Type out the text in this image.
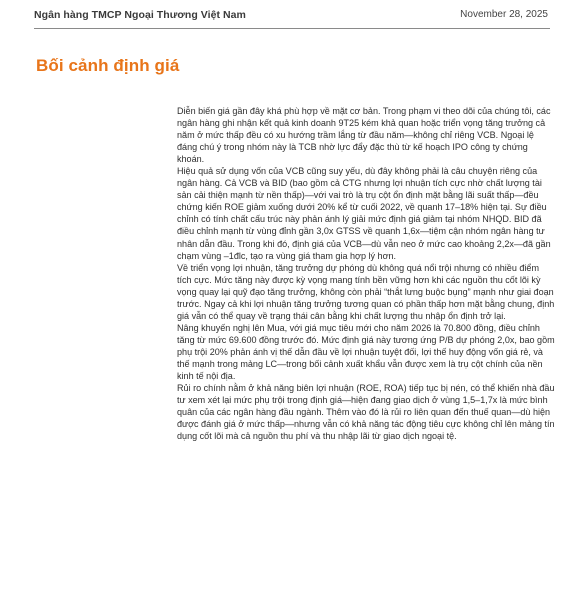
Ngân hàng TMCP Ngoại Thương Việt Nam	November 28, 2025
Bối cảnh định giá

Diễn biến giá gần đây khá phù hợp về mặt cơ bản. Trong phạm vi theo dõi của chúng tôi, các ngân hàng ghi nhận kết quả kinh doanh 9T25 kém khả quan hoặc triển vọng tăng trưởng cả năm ở mức thấp đều có xu hướng trầm lắng từ đầu năm—không chỉ riêng VCB. Ngoại lệ đáng chú ý trong nhóm này là TCB nhờ lực đẩy đặc thù từ kế hoạch IPO công ty chứng khoán.

Hiệu quả sử dụng vốn của VCB cũng suy yếu, dù đây không phải là câu chuyện riêng của ngân hàng. Cả VCB và BID (bao gồm cả CTG nhưng lợi nhuận tích cực nhờ chất lượng tài sản cải thiện mạnh từ nền thấp)—với vai trò là trụ cột ổn định mặt bằng lãi suất thấp—đều chứng kiến ROE giảm xuống dưới 20% kể từ cuối 2022, về quanh 17–18% hiện tại. Sự điều chỉnh có tính chất cấu trúc này phản ánh lý giải mức định giá giảm tại nhóm NHQD. BID đã điều chỉnh mạnh từ vùng đỉnh gần 3,0x GTSS về quanh 1,6x—tiệm cận nhóm ngân hàng tư nhân dẫn đầu. Trong khi đó, định giá của VCB—dù vẫn neo ở mức cao khoảng 2,2x—đã gần chạm vùng –1đlc, tạo ra vùng giá tham gia hợp lý hơn.

Về triển vọng lợi nhuận, tăng trưởng dự phóng dù không quá nổi trội nhưng có nhiều điểm tích cực. Mức tăng này được kỳ vọng mang tính bền vững hơn khi các nguồn thu cốt lõi kỳ vọng quay lại quỹ đạo tăng trưởng, không còn phải “thắt lưng buộc bụng” mạnh như giai đoạn trước. Ngay cả khi lợi nhuận tăng trưởng tương quan có phần thấp hơn mặt bằng chung, định giá vẫn có thể quay về trạng thái cân bằng khi chất lượng thu nhập ổn định trở lại.

Nâng khuyến nghị lên Mua, với giá mục tiêu mới cho năm 2026 là 70.800 đồng, điều chỉnh tăng từ mức 69.600 đồng trước đó. Mức định giá này tương ứng P/B dự phóng 2,0x, bao gồm phụ trội 20% phản ánh vị thế dẫn đầu về lợi nhuận tuyệt đối, lợi thế huy động vốn giá rẻ, và thế mạnh trong mảng LC—trong bối cảnh xuất khẩu vẫn được xem là trụ cột chính của nền kinh tế nội địa.

Rủi ro chính nằm ở khả năng biên lợi nhuận (ROE, ROA) tiếp tục bị nén, có thể khiến nhà đầu tư xem xét lại mức phụ trội trong định giá—hiện đang giao dịch ở vùng 1,5–1,7x là mức bình quân của các ngân hàng đầu ngành. Thêm vào đó là rủi ro liên quan đến thuế quan—dù hiện được đánh giá ở mức thấp—nhưng vẫn có khả năng tác động tiêu cực không chỉ lên mảng tín dụng cốt lõi mà cả nguồn thu phí và thu nhập lãi từ giao dịch ngoại tệ.
